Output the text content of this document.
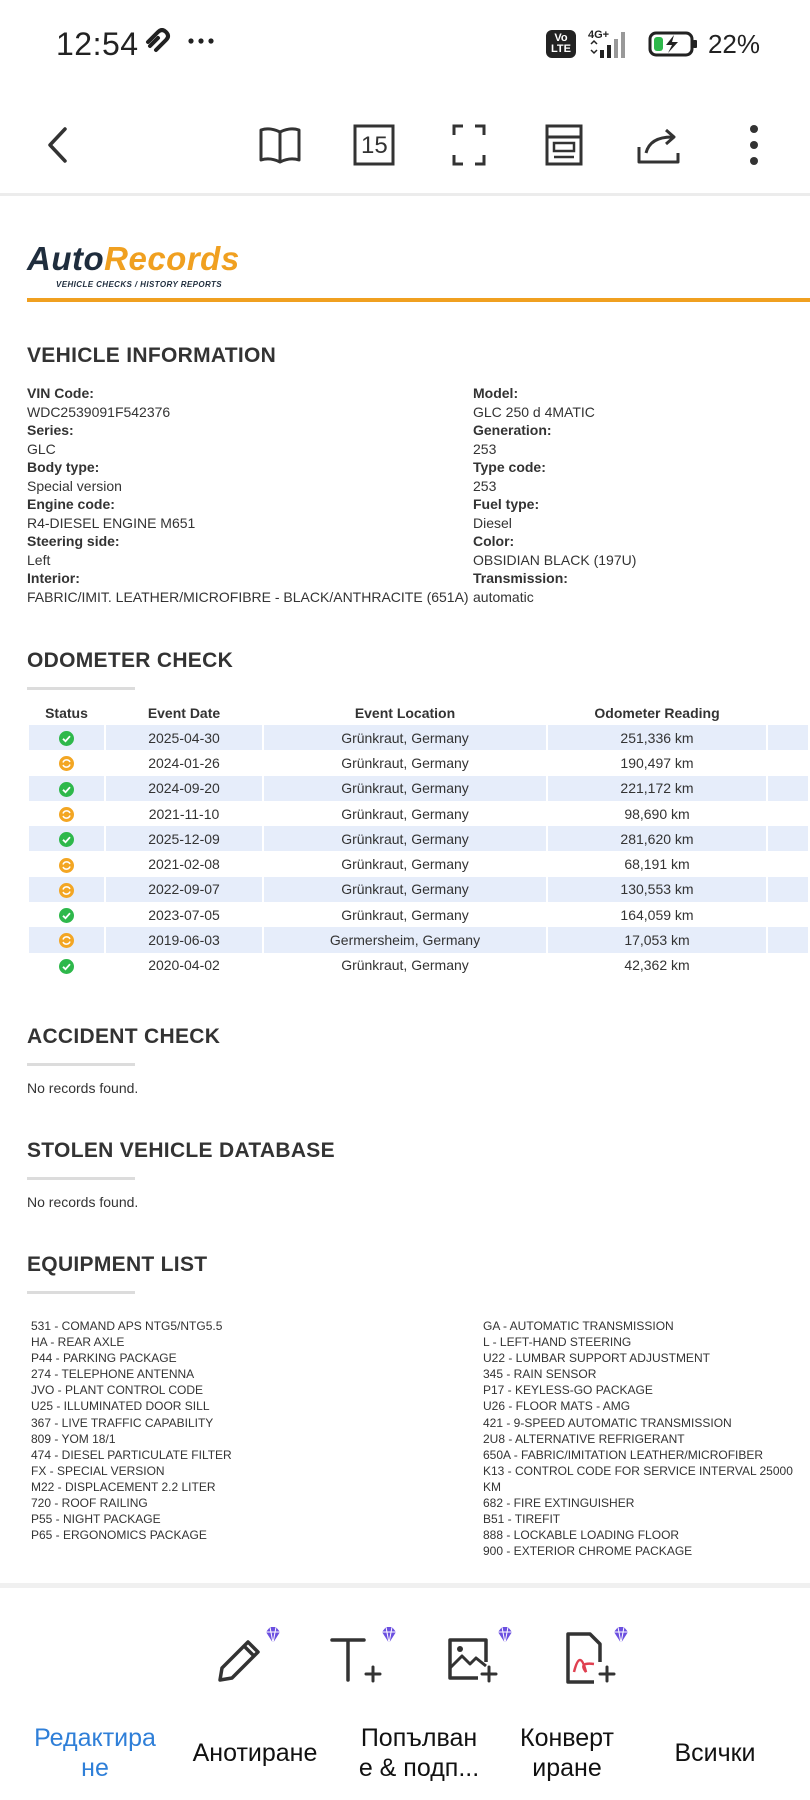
12:54	Vo
LTE
4G+	22%
15
AutoRecords
VEHICLE CHECKS / HISTORY REPORTS
VEHICLE INFORMATION
VIN Code:
WDC2539091F542376
Series:
GLC
Body type:
Special version
Engine code:
R4-DIESEL ENGINE M651
Steering side:
Left
Interior:
FABRIC/IMIT. LEATHER/MICROFIBRE - BLACK/ANTHRACITE (651A)
Model:
GLC 250 d 4MATIC
Generation:
253
Type code:
253
Fuel type:
Diesel
Color:
OBSIDIAN BLACK (197U)
Transmission:
automatic
ODOMETER CHECK
Status	Event Date	Event Location	Odometer Reading	

	2025-04-30	Grünkraut, Germany	251,336 km	

	2024-01-26	Grünkraut, Germany	190,497 km	

	2024-09-20	Grünkraut, Germany	221,172 km	

	2021-11-10	Grünkraut, Germany	98,690 km	

	2025-12-09	Grünkraut, Germany	281,620 km	

	2021-02-08	Grünkraut, Germany	68,191 km	

	2022-09-07	Grünkraut, Germany	130,553 km	

	2023-07-05	Grünkraut, Germany	164,059 km	

	2019-06-03	Germersheim, Germany	17,053 km	

	2020-04-02	Grünkraut, Germany	42,362 km	
ACCIDENT CHECK
No records found.
STOLEN VEHICLE DATABASE
No records found.
EQUIPMENT LIST
531 - COMAND APS NTG5/NTG5.5
HA - REAR AXLE
P44 - PARKING PACKAGE
274 - TELEPHONE ANTENNA
JVO - PLANT CONTROL CODE
U25 - ILLUMINATED DOOR SILL
367 - LIVE TRAFFIC CAPABILITY
809 - YOM 18/1
474 - DIESEL PARTICULATE FILTER
FX - SPECIAL VERSION
M22 - DISPLACEMENT 2.2 LITER
720 - ROOF RAILING
P55 - NIGHT PACKAGE
P65 - ERGONOMICS PACKAGE
GA - AUTOMATIC TRANSMISSION
L - LEFT-HAND STEERING
U22 - LUMBAR SUPPORT ADJUSTMENT
345 - RAIN SENSOR
P17 - KEYLESS-GO PACKAGE
U26 - FLOOR MATS - AMG
421 - 9-SPEED AUTOMATIC TRANSMISSION
2U8 - ALTERNATIVE REFRIGERANT
650A - FABRIC/IMITATION LEATHER/MICROFIBER
K13 - CONTROL CODE FOR SERVICE INTERVAL 25000 KM
682 - FIRE EXTINGUISHER
B51 - TIREFIT
888 - LOCKABLE LOADING FLOOR
900 - EXTERIOR CHROME PACKAGE
Редактира
не
Анотиране
Попълван
е & подп...
Конверт
иране
Всички
